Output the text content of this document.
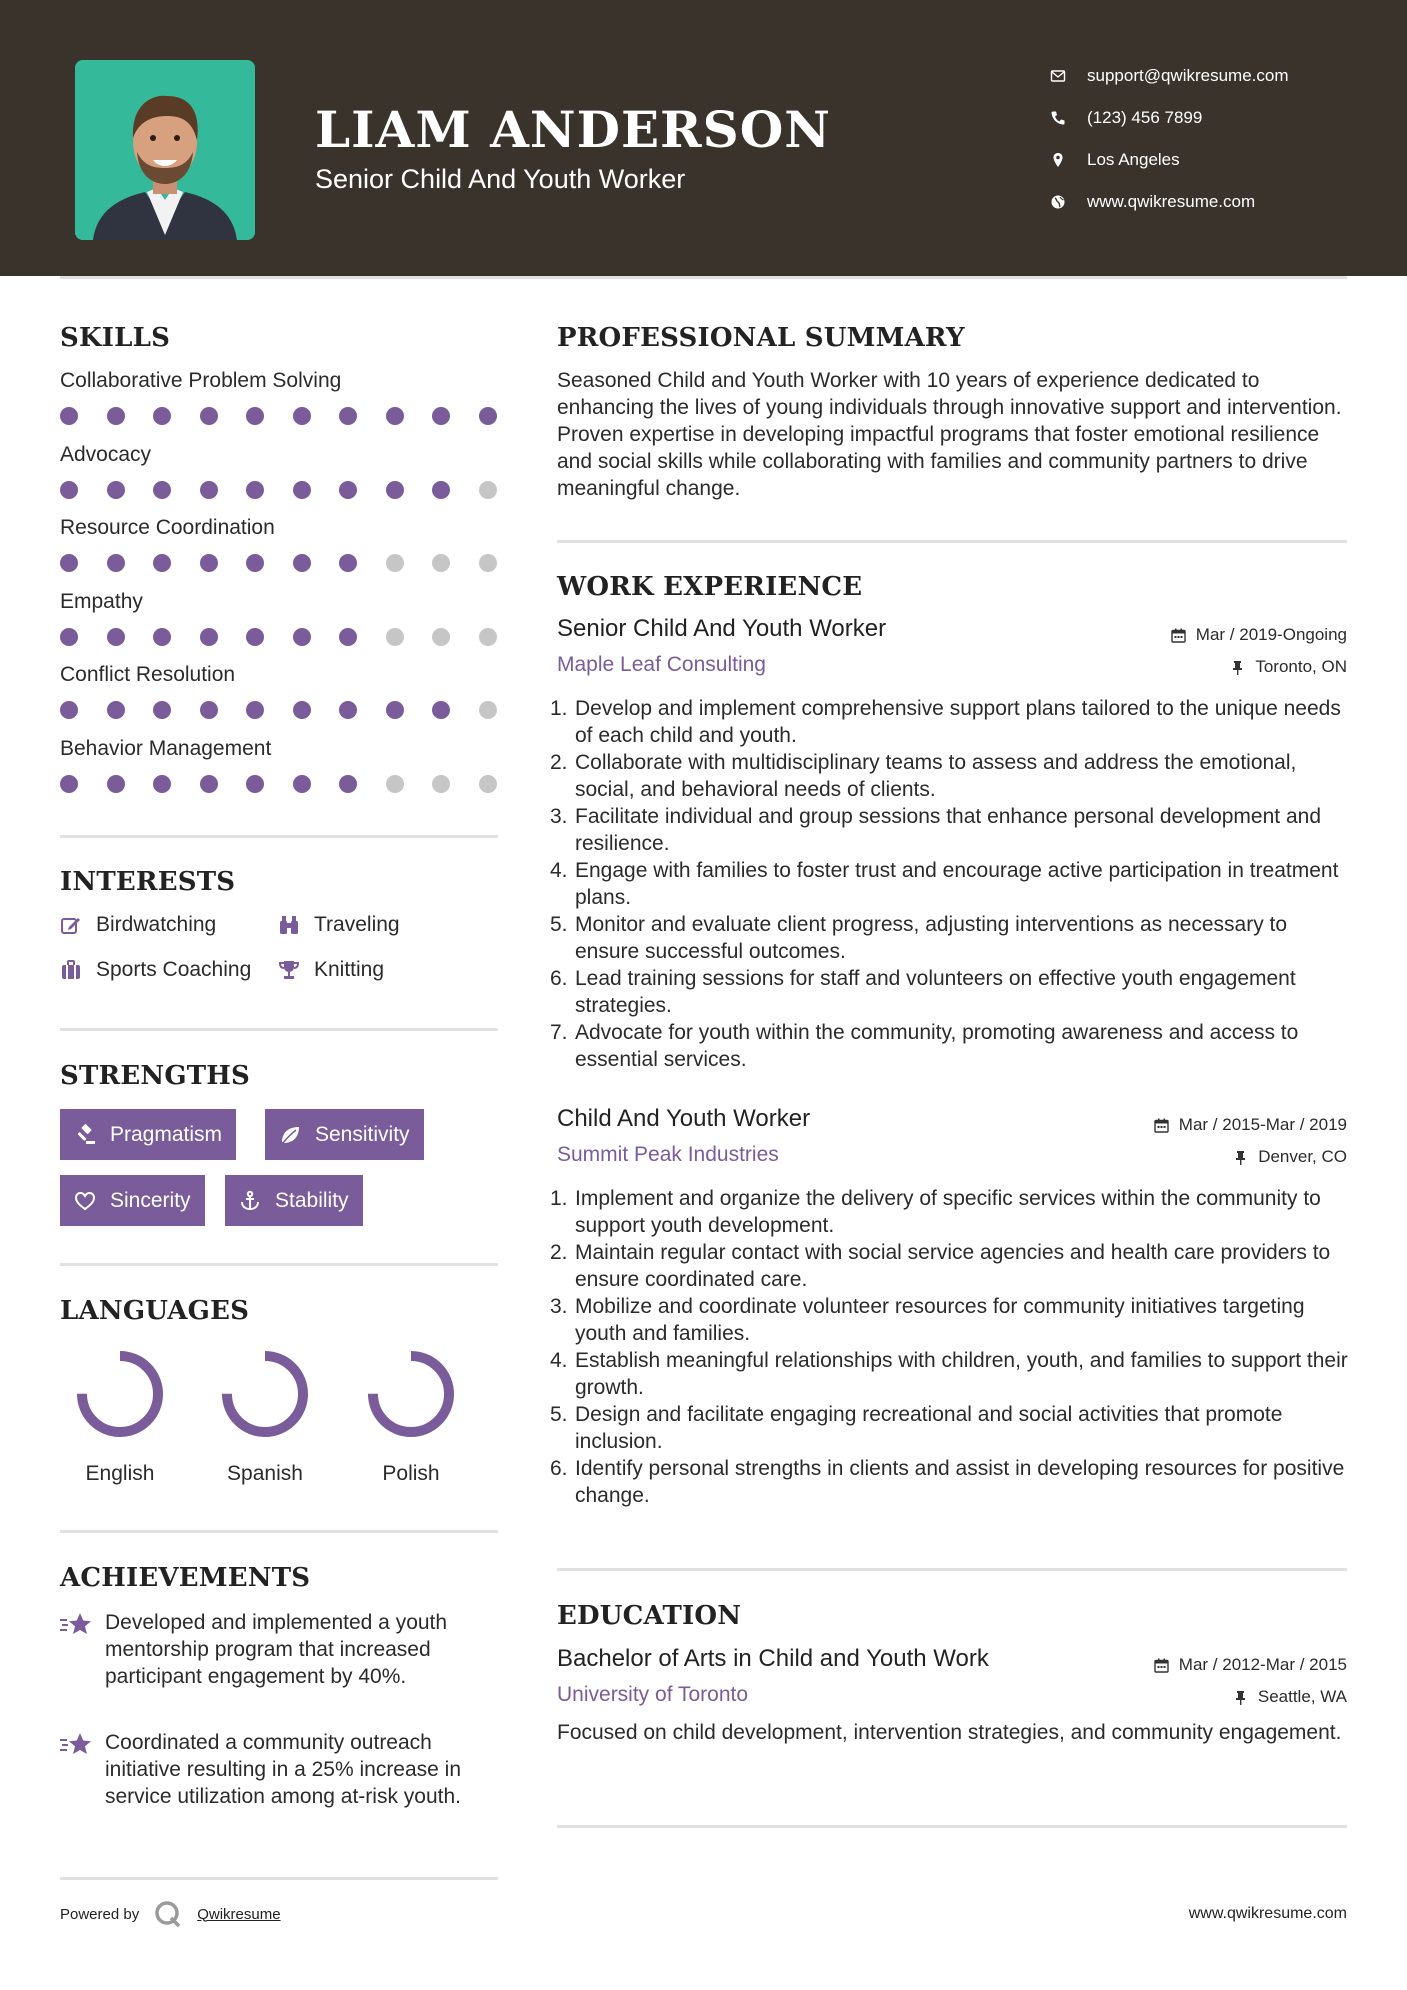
LIAM ANDERSON
Senior Child And Youth Worker
support@qwikresume.com
(123) 456 7899
Los Angeles
www.qwikresume.com
SKILLS
Collaborative Problem Solving
Advocacy
Resource Coordination
Empathy
Conflict Resolution
Behavior Management
INTERESTS
Birdwatching	Traveling
Sports Coaching	Knitting
STRENGTHS
Pragmatism	Sensitivity
Sincerity	Stability
LANGUAGES
English	Spanish	Polish
ACHIEVEMENTS
Developed and implemented a youth mentorship program that increased participant engagement by 40%.
Coordinated a community outreach initiative resulting in a 25% increase in service utilization among at-risk youth.
Powered by	Qwikresume	www.qwikresume.com
PROFESSIONAL SUMMARY
Seasoned Child and Youth Worker with 10 years of experience dedicated to enhancing the lives of young individuals through innovative support and intervention. Proven expertise in developing impactful programs that foster emotional resilience and social skills while collaborating with families and community partners to drive meaningful change.
WORK EXPERIENCE
Senior Child And Youth Worker	Mar / 2019-Ongoing
Maple Leaf Consulting	Toronto, ON
1. Develop and implement comprehensive support plans tailored to the unique needs of each child and youth.
2. Collaborate with multidisciplinary teams to assess and address the emotional, social, and behavioral needs of clients.
3. Facilitate individual and group sessions that enhance personal development and resilience.
4. Engage with families to foster trust and encourage active participation in treatment plans.
5. Monitor and evaluate client progress, adjusting interventions as necessary to ensure successful outcomes.
6. Lead training sessions for staff and volunteers on effective youth engagement strategies.
7. Advocate for youth within the community, promoting awareness and access to essential services.
Child And Youth Worker	Mar / 2015-Mar / 2019
Summit Peak Industries	Denver, CO
1. Implement and organize the delivery of specific services within the community to support youth development.
2. Maintain regular contact with social service agencies and health care providers to ensure coordinated care.
3. Mobilize and coordinate volunteer resources for community initiatives targeting youth and families.
4. Establish meaningful relationships with children, youth, and families to support their growth.
5. Design and facilitate engaging recreational and social activities that promote inclusion.
6. Identify personal strengths in clients and assist in developing resources for positive change.
EDUCATION
Bachelor of Arts in Child and Youth Work	Mar / 2012-Mar / 2015
University of Toronto	Seattle, WA
Focused on child development, intervention strategies, and community engagement.
